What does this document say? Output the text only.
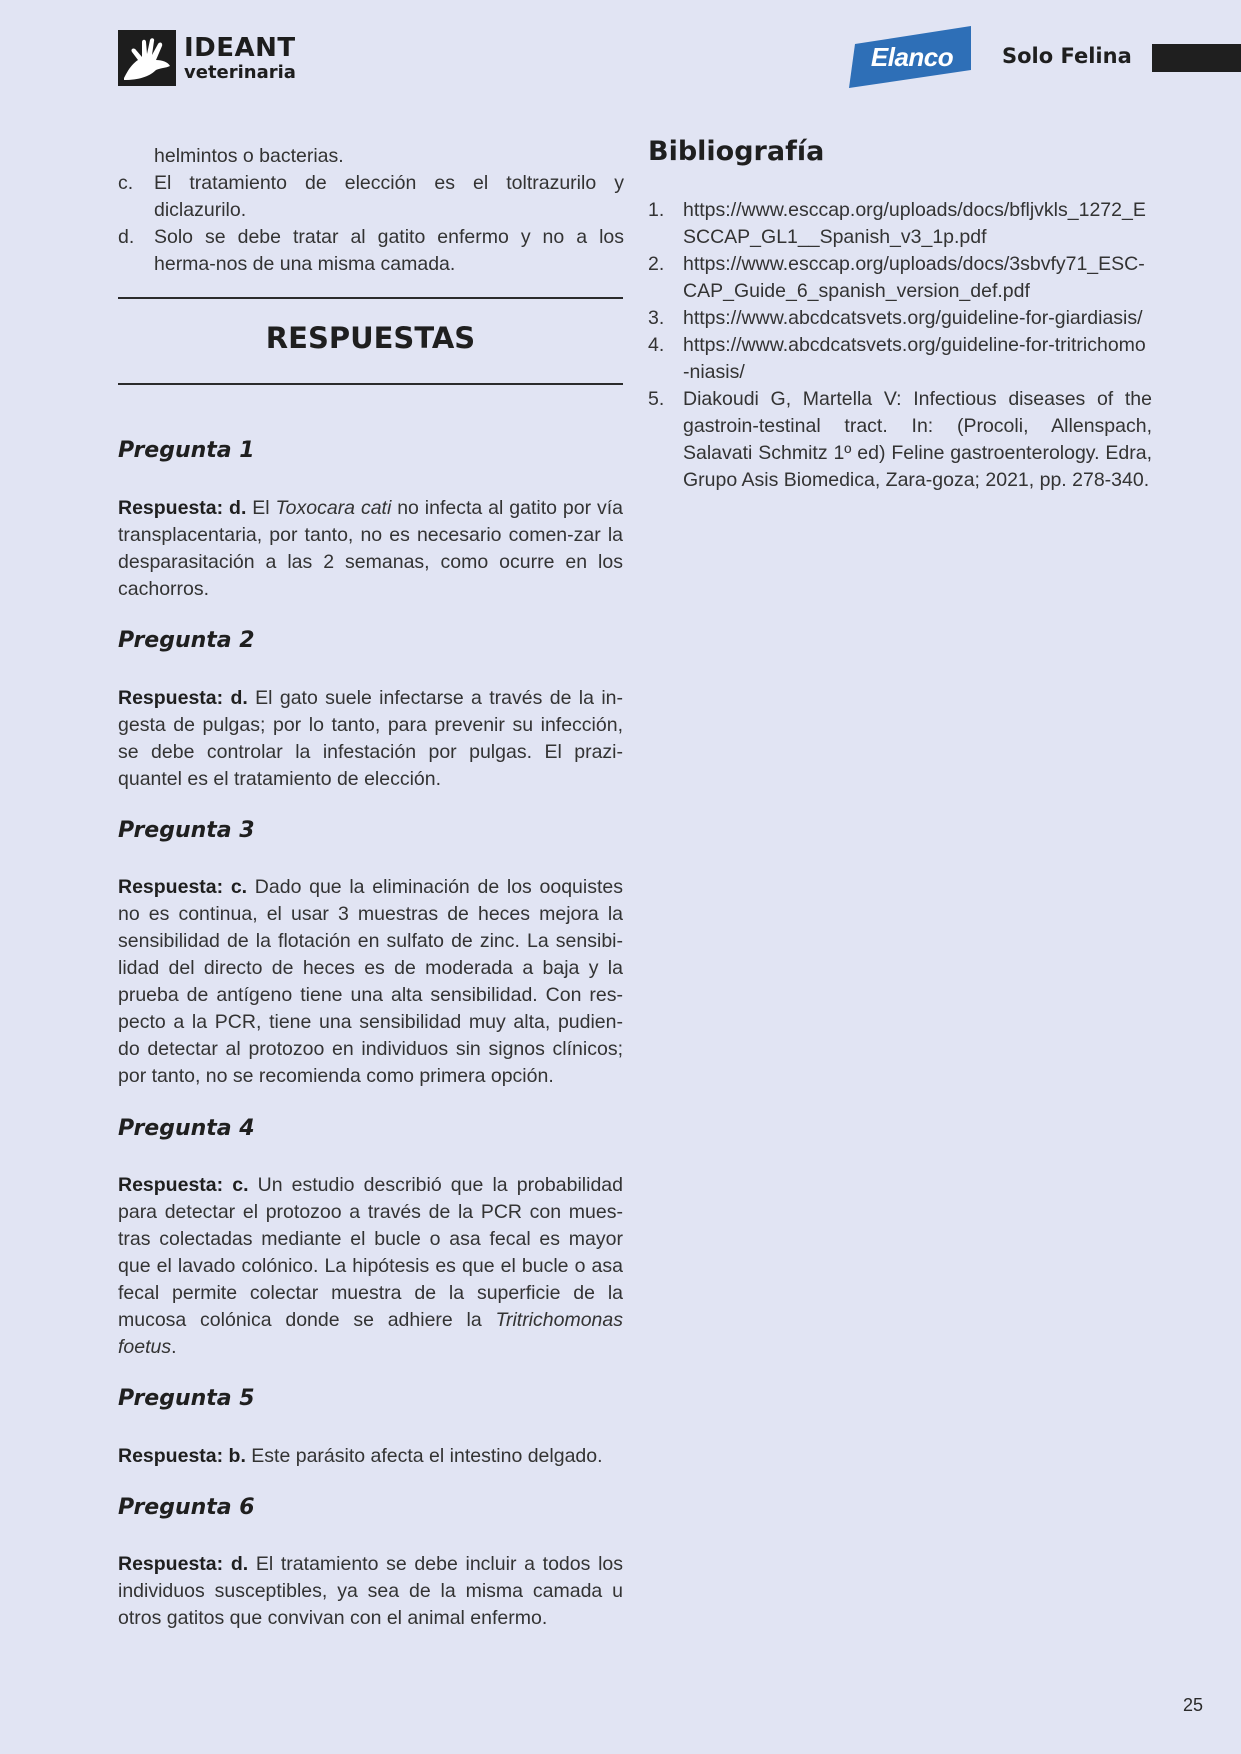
IDEANT
veterinaria
Elanco	Solo Felina
helmintos o bacterias.
c. El tratamiento de elección es el toltrazurilo y diclazurilo.
d. Solo se debe tratar al gatito enfermo y no a los herma-nos de una misma camada.
RESPUESTAS
Pregunta 1
Respuesta: d. El Toxocara cati no infecta al gatito por vía transplacentaria, por tanto, no es necesario comen-zar la desparasitación a las 2 semanas, como ocurre en los cachorros.
Pregunta 2
Respuesta: d. El gato suele infectarse a través de la in-gesta de pulgas; por lo tanto, para prevenir su infección, se debe controlar la infestación por pulgas. El prazi-quantel es el tratamiento de elección.
Pregunta 3
Respuesta: c. Dado que la eliminación de los ooquistes no es continua, el usar 3 muestras de heces mejora la sensibilidad de la flotación en sulfato de zinc. La sensibi-lidad del directo de heces es de moderada a baja y la prueba de antígeno tiene una alta sensibilidad. Con res-pecto a la PCR, tiene una sensibilidad muy alta, pudien-do detectar al protozoo en individuos sin signos clínicos; por tanto, no se recomienda como primera opción.
Pregunta 4
Respuesta: c. Un estudio describió que la probabilidad para detectar el protozoo a través de la PCR con mues-tras colectadas mediante el bucle o asa fecal es mayor que el lavado colónico. La hipótesis es que el bucle o asa fecal permite colectar muestra de la superficie de la mucosa colónica donde se adhiere la Tritrichomonas foetus.
Pregunta 5
Respuesta: b. Este parásito afecta el intestino delgado.
Pregunta 6
Respuesta: d. El tratamiento se debe incluir a todos los individuos susceptibles, ya sea de la misma camada u otros gatitos que convivan con el animal enfermo.
Bibliografía
1. https://www.esccap.org/uploads/docs/bfljvkls_1272_ESCCAP_GL1__Spanish_v3_1p.pdf
2. https://www.esccap.org/uploads/docs/3sbvfy71_ESC-CAP_Guide_6_spanish_version_def.pdf
3. https://www.abcdcatsvets.org/guideline-for-giardiasis/
4. https://www.abcdcatsvets.org/guideline-for-tritrichomo-niasis/
5. Diakoudi G, Martella V: Infectious diseases of the gastroin-testinal tract. In: (Procoli, Allenspach, Salavati Schmitz 1º ed) Feline gastroenterology. Edra, Grupo Asis Biomedica, Zara-goza; 2021, pp. 278-340.
25
